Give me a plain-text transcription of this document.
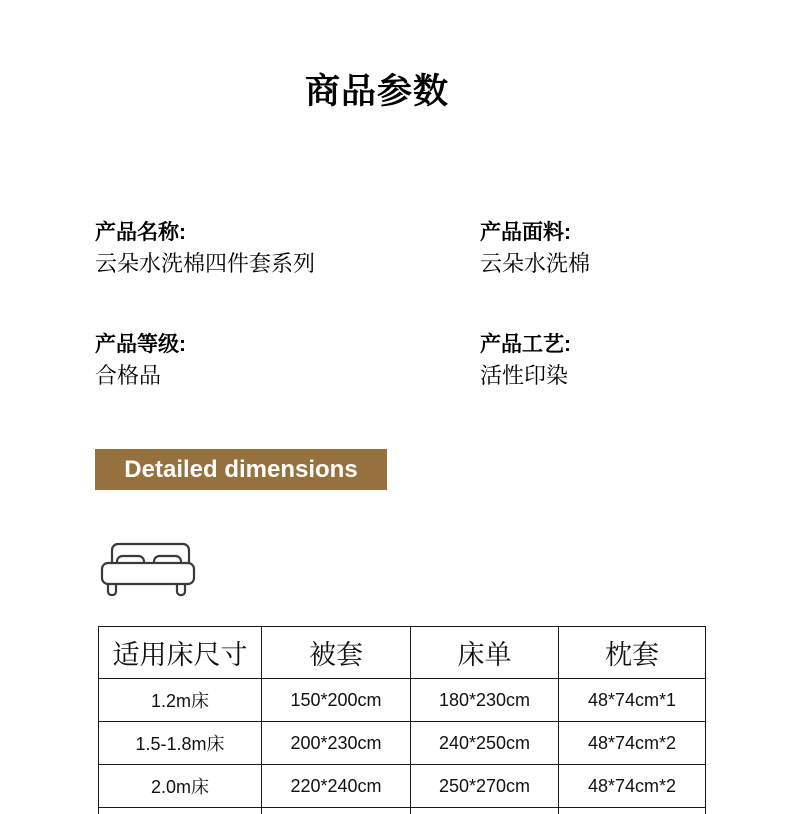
商品参数

产品名称:

云朵水洗棉四件套系列

产品面料:

云朵水洗棉

产品等级:

合格品

产品工艺:

活性印染

Detailed dimensions
适用床尺寸	被套	床单	枕套
1.2m床	150*200cm	180*230cm	48*74cm*1
1.5-1.8m床	200*230cm	240*250cm	48*74cm*2
2.0m床	220*240cm	250*270cm	48*74cm*2
